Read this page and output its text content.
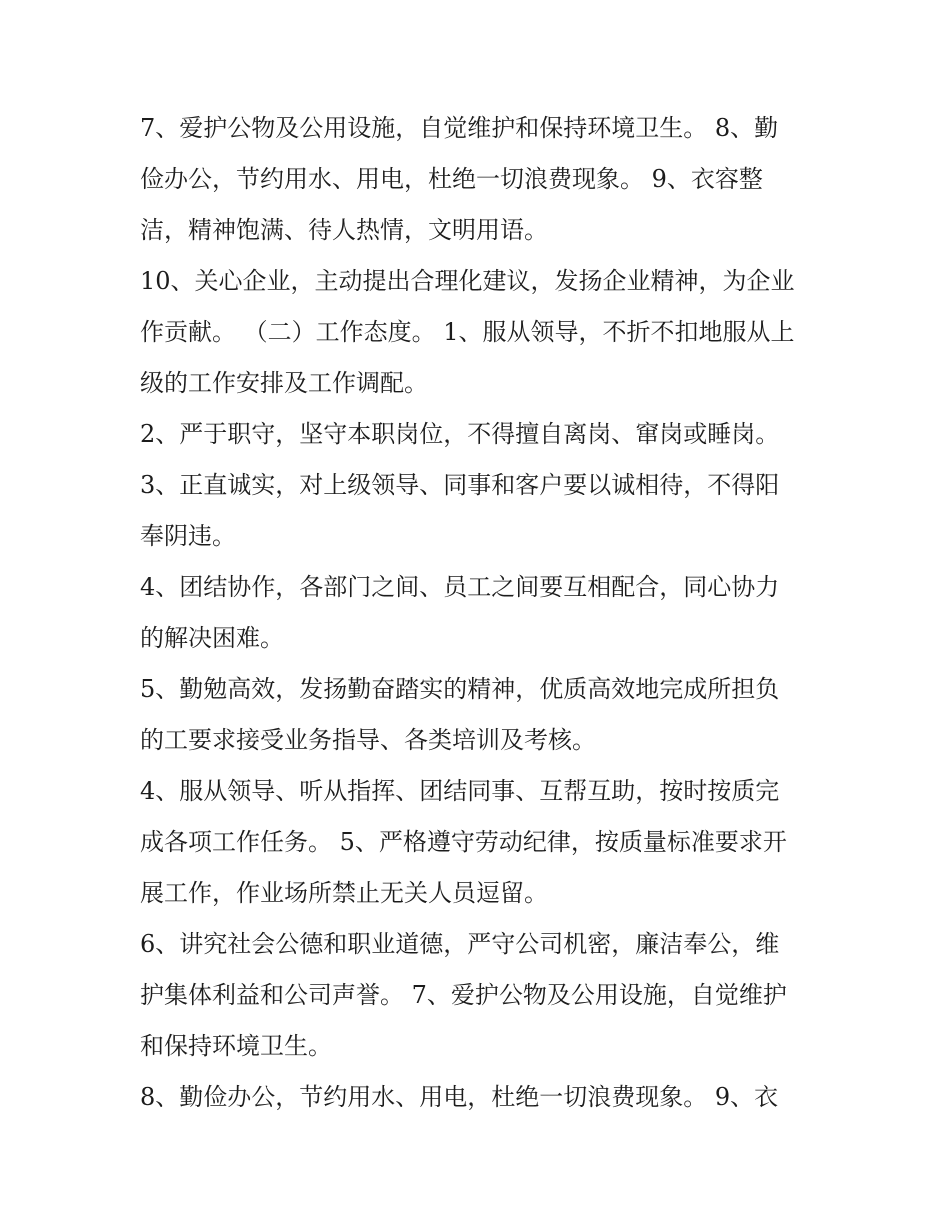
7、爱护公物及公用设施，自觉维护和保持环境卫生。 8、勤
俭办公，节约用水、用电，杜绝一切浪费现象。 9、衣容整
洁，精神饱满、待人热情，文明用语。
10、关心企业，主动提出合理化建议，发扬企业精神，为企业
作贡献。 （二）工作态度。 1、服从领导，不折不扣地服从上
级的工作安排及工作调配。
2、严于职守，坚守本职岗位，不得擅自离岗、窜岗或睡岗。
3、正直诚实，对上级领导、同事和客户要以诚相待，不得阳
奉阴违。
4、团结协作，各部门之间、员工之间要互相配合，同心协力
的解决困难。
5、勤勉高效，发扬勤奋踏实的精神，优质高效地完成所担负
的工要求接受业务指导、各类培训及考核。
4、服从领导、听从指挥、团结同事、互帮互助，按时按质完
成各项工作任务。 5、严格遵守劳动纪律，按质量标准要求开
展工作，作业场所禁止无关人员逗留。
6、讲究社会公德和职业道德，严守公司机密，廉洁奉公，维
护集体利益和公司声誉。 7、爱护公物及公用设施，自觉维护
和保持环境卫生。
8、勤俭办公，节约用水、用电，杜绝一切浪费现象。 9、衣
